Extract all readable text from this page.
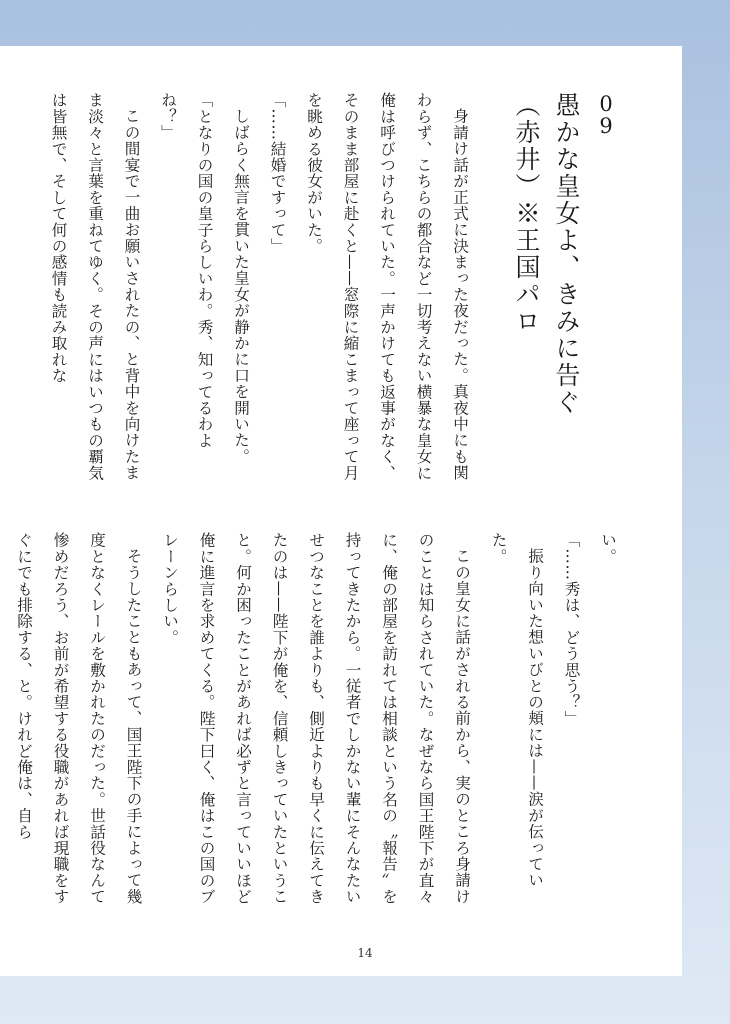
09
愚かな皇女よ、きみに告ぐ
（赤井）※王国パロ

身請け話が正式に決まった夜だった。真夜中にも関わらず、こちらの都合など一切考えない横暴な皇女に俺は呼びつけられていた。一声かけても返事がなく、そのまま部屋に赴くと——窓際に縮こまって座って月を眺める彼女がいた。

「……結婚ですって」

しばらく無言を貫いた皇女が静かに口を開いた。

「となりの国の皇子らしいわ。秀、知ってるわよね？」

この間宴で一曲お願いされたの、と背中を向けたまま淡々と言葉を重ねてゆく。その声にはいつもの覇気は皆無で、そして何の感情も読み取れな

い。

「……秀は、どう思う？」

振り向いた想いびとの頬には——涙が伝っていた。

この皇女に話がされる前から、実のところ身請けのことは知らされていた。なぜなら国王陛下が直々に、俺の部屋を訪れては相談という名の〝報告〟を持ってきたから。一従者でしかない輩にそんなたいせつなことを誰よりも、側近よりも早くに伝えてきたのは——陛下が俺を、信頼しきっていたということ。何か困ったことがあれば必ずと言っていいほど俺に進言を求めてくる。陛下曰く、俺はこの国のブレーンらしい。

そうしたこともあって、国王陛下の手によって幾度となくレールを敷かれたのだった。世話役なんて惨めだろう、お前が希望する役職があれば現職をすぐにでも排除する、と。けれど俺は、自ら

14
